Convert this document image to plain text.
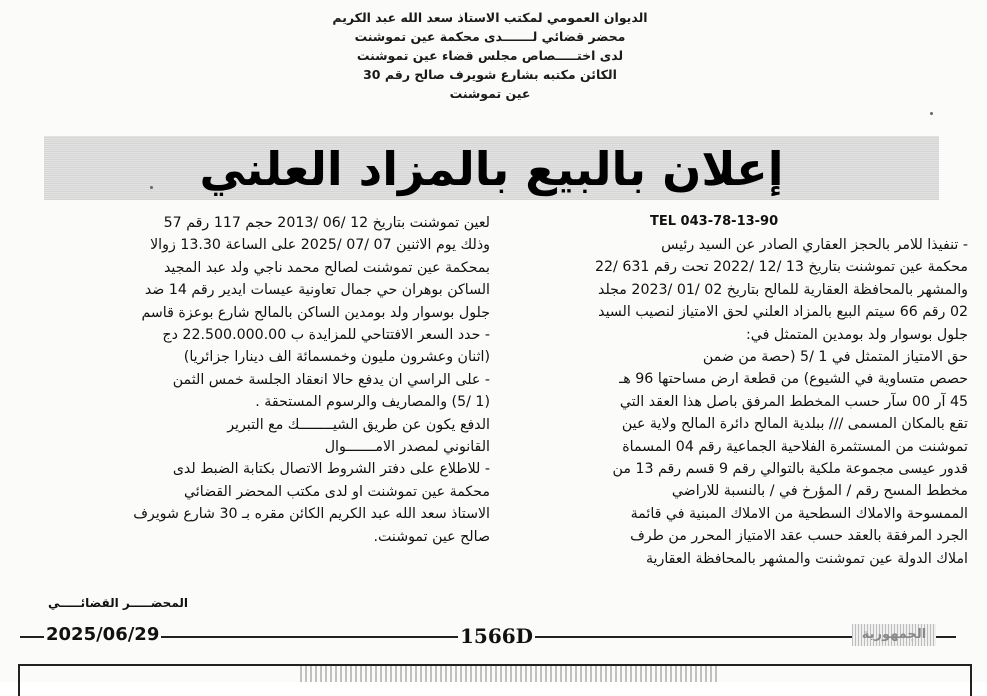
الديوان العمومي لمكتب الاستاذ سعد الله عبد الكريم
محضر قضائي لـــــــدى محكمة عين تموشنت
لدى اختـــــصاص مجلس قضاء عين تموشنت
الكائن مكتبه بشارع شويرف صالح رقم 30
عين تموشنت
إعلان بالبيع بالمزاد العلني
TEL 043-78-13-90
- تنفيذا للامر بالحجز العقاري الصادر عن السيد رئيس
محكمة عين تموشنت بتاريخ 13 /12 /2022 تحت رقم 631 /22
والمشهر بالمحافظة العقارية للمالح بتاريخ 02 /01 /2023 مجلد
02 رقم 66 سيتم البيع بالمزاد العلني لحق الامتياز لنصيب السيد
جلول بوسوار ولد بومدين المتمثل في:
حق الامتياز المتمثل في 1 /5 (حصة من ضمن
حصص متساوية في الشيوع) من قطعة ارض مساحتها 96 هـ
45 آر 00 سآر حسب المخطط المرفق باصل هذا العقد التي
تقع بالمكان المسمى /// ببلدية المالح دائرة المالح ولاية عين
تموشنت من المستثمرة الفلاحية الجماعية رقم 04 المسماة
قدور عيسى مجموعة ملكية بالتوالي رقم 9 قسم رقم 13 من
مخطط المسح رقم / المؤرخ في / بالنسبة للاراضي
الممسوحة والاملاك السطحية من الاملاك المبنية في قائمة
الجرد المرفقة بالعقد حسب عقد الامتياز المحرر من طرف
املاك الدولة عين تموشنت والمشهر بالمحافظة العقارية
لعين تموشنت بتاريخ 12 /06 /2013 حجم 117 رقم 57
وذلك يوم الاثنين 07 /07 /2025 على الساعة 13.30 زوالا
بمحكمة عين تموشنت لصالح محمد ناجي ولد عبد المجيد
الساكن بوهران حي جمال تعاونية عيسات ايدير رقم 14 ضد
جلول بوسوار ولد بومدين الساكن بالمالح شارع بوعزة قاسم
- حدد السعر الافتتاحي للمزايدة ب 22.500.000.00 دج
(اثنان وعشرون مليون وخمسمائة الف دينارا جزائريا)
- على الراسي ان يدفع حالا انعقاد الجلسة خمس الثمن
(1 /5) والمصاريف والرسوم المستحقة .
الدفع يكون عن طريق الشيــــــــك مع التبرير
القانوني لمصدر الامـــــــوال
- للاطلاع على دفتر الشروط الاتصال بكتابة الضبط لدى
محكمة عين تموشنت او لدى مكتب المحضر القضائي
الاستاذ سعد الله عبد الكريم الكائن مقره بـ 30 شارع شويرف
صالح عين تموشنت.
المحضـــــر القضائـــــي
2025/06/29	1566D	الجمهورية
